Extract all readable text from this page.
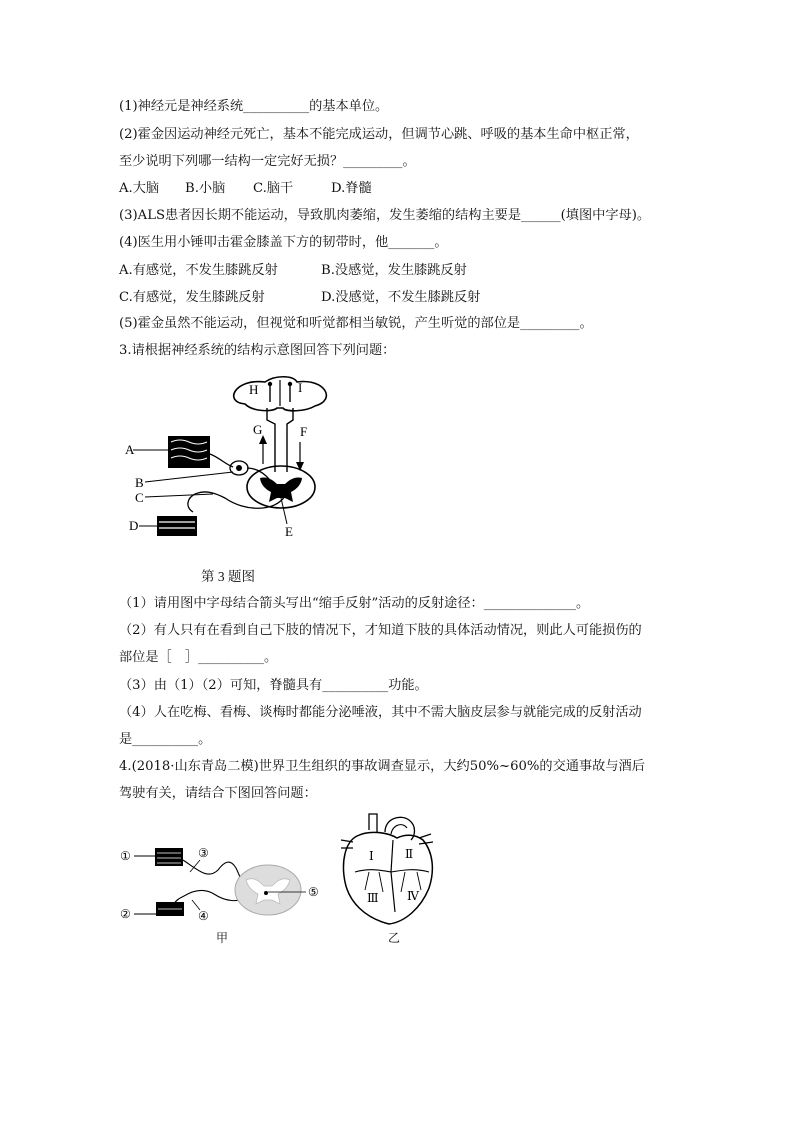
(1)神经元是神经系统__________的基本单位。
(2)霍金因运动神经元死亡，基本不能完成运动，但调节心跳、呼吸的基本生命中枢正常，
至少说明下列哪一结构一定完好无损？_________。
A.大脑 B.小脑 C.脑干	D.脊髓
(3)ALS患者因长期不能运动，导致肌肉萎缩，发生萎缩的结构主要是______(填图中字母)。
(4)医生用小锤叩击霍金膝盖下方的韧带时，他_______。
A.有感觉，不发生膝跳反射	B.没感觉，发生膝跳反射
C.有感觉，发生膝跳反射	D.没感觉，不发生膝跳反射
(5)霍金虽然不能运动，但视觉和听觉都相当敏锐，产生听觉的部位是_________。
3.请根据神经系统的结构示意图回答下列问题：
H	I
G	F
E
A
B
C
D
第 3 题图
（1）请用图中字母结合箭头写出“缩手反射”活动的反射途径：______________。
（2）有人只有在看到自己下肢的情况下，才知道下肢的具体活动情况，则此人可能损伤的
部位是［　］__________。
（3）由（1）（2）可知，脊髓具有__________功能。
（4）人在吃梅、看梅、谈梅时都能分泌唾液，其中不需大脑皮层参与就能完成的反射活动
是__________。
4.(2018·山东青岛二模)世界卫生组织的事故调查显示，大约50%~60%的交通事故与酒后
驾驶有关，请结合下图回答问题：
①	③
②	④
⑤
甲
Ⅰ	Ⅱ
Ⅲ Ⅳ
乙
